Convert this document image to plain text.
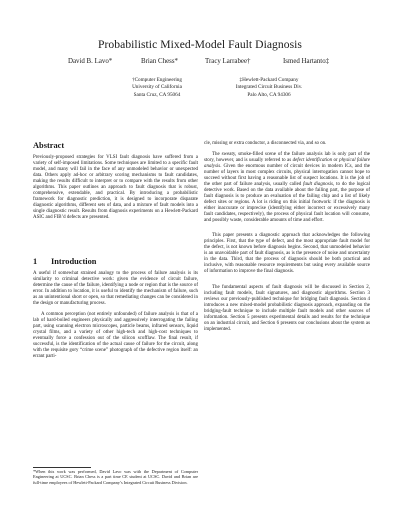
Probabilistic Mixed-Model Fault Diagnosis
David B. Lavo*	Brian Chess*	Tracy Larrabee†	Ismed Hartanto‡
†Computer Engineering
University of California
Santa Cruz, CA 95064
‡Hewlett-Packard Company
Integrated Circuit Business Div.
Palo Alto, CA 94306
Abstract

Previously-proposed strategies for VLSI fault diagnosis have suffered from a variety of self-imposed limitations. Some techniques are limited to a specific fault model, and many will fail in the face of any unmodeled behavior or unexpected data. Others apply ad-hoc or arbitrary scoring mechanisms to fault candidates, making the results difficult to interpret or to compare with the results from other algorithms. This paper outlines an approach to fault diagnosis that is robust, comprehensive, extendable, and practical. By introducing a probabilistic framework for diagnostic prediction, it is designed to incorporate disparate diagnostic algorithms, different sets of data, and a mixture of fault models into a single diagnostic result. Results from diagnosis experiments on a Hewlett-Packard ASIC and FIB’d defects are presented.

1 Introduction

A useful if somewhat strained analogy to the process of failure analysis is its similarity to criminal detective work: given the evidence of circuit failure, determine the cause of the failure, identifying a node or region that is the source of error. In addition to location, it is useful to identify the mechanism of failure, such as an unintentional short or open, so that remediating changes can be considered in the design or manufacturing process.

A common perception (not entirely unfounded) of failure analysis is that of a lab of hard-boiled engineers physically and aggressively interrogating the failing part, using scanning electron microscopes, particle beams, infrared sensors, liquid crystal films, and a variety of other high-tech and high-cost techniques to eventually force a confession out of the silicon scofflaw. The final result, if successful, is the identification of the actual cause of failure for the circuit, along with the requisite gory “crime scene” photograph of the defective region itself: an errant parti-

*When this work was performed, David Lavo was with the Department of Computer Engineering at UCSC. Brian Chess is a part time CE student at UCSC. David and Brian are full-time employees of Hewlett-Packard Company’s Integrated Circuit Business Division.

cle, missing or extra conductor, a disconnected via, and so on.

The sweaty, smoke-filled scene of the failure analysis lab is only part of the story, however, and is usually referred to as defect identification or physical failure analysis. Given the enormous number of circuit devices in modern ICs, and the number of layers in most complex circuits, physical interrogation cannot hope to succeed without first having a reasonable list of suspect locations. It is the job of the other part of failure analysis, usually called fault diagnosis, to do the logical detective work. Based on the data available about the failing part, the purpose of fault diagnosis is to produce an evaluation of the failing chip and a list of likely defect sites or regions. A lot is riding on this initial footwork: if the diagnosis is either inaccurate or imprecise (identifying either incorrect or excessively many fault candidates, respectively), the process of physical fault location will consume, and possibly waste, considerable amounts of time and effort.

This paper presents a diagnostic approach that acknowledges the following principles. First, that the type of defect, and the most appropriate fault model for the defect, is not known before diagnosis begins. Second, that unmodeled behavior is an unavoidable part of fault diagnosis, as is the presence of noise and uncertainty in the data. Third, that the process of diagnosis should be both practical and inclusive, with reasonable resource requirements but using every available source of information to improve the final diagnosis.

The fundamental aspects of fault diagnosis will be discussed in Section 2, including fault models, fault signatures, and diagnostic algorithms. Section 3 reviews our previously-published technique for bridging fault diagnosis. Section 4 introduces a new mixed-model probabilistic diagnosis approach, expanding on the bridging-fault technique to include multiple fault models and other sources of information. Section 5 presents experimental details and results for the technique on an industrial circuit, and Section 6 presents our conclusions about the system as implemented.
